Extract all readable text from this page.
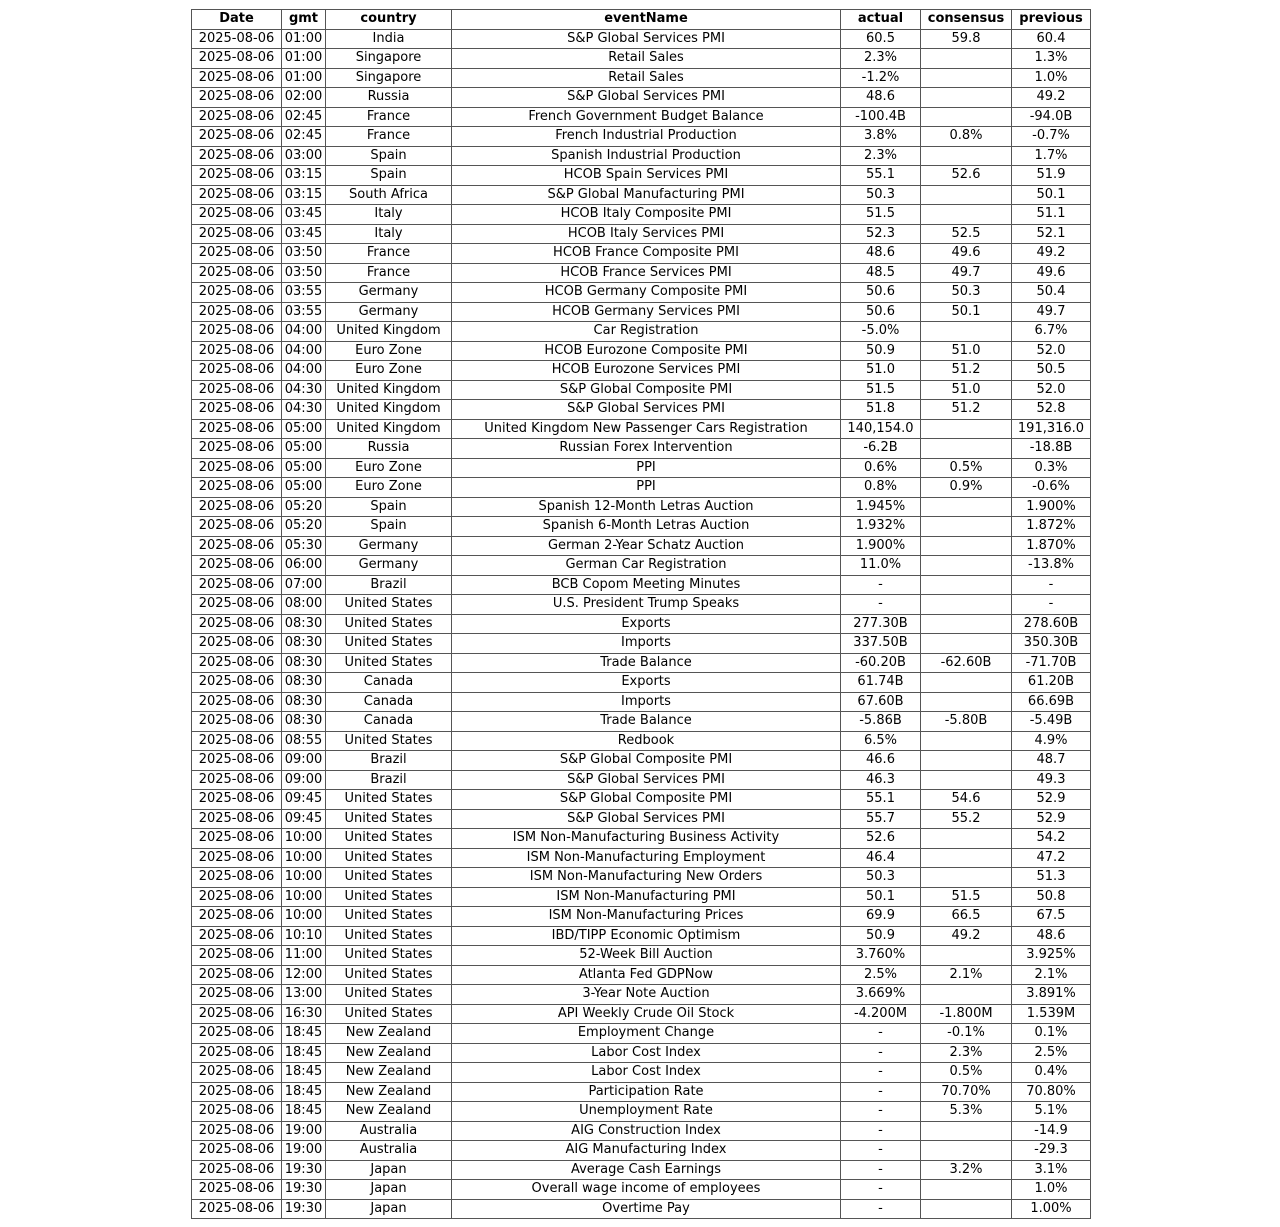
Date	gmt	country	eventName	actual	consensus	previous
2025-08-06	01:00	India	S&P Global Services PMI	60.5	59.8	60.4
2025-08-06	01:00	Singapore	Retail Sales	2.3%		1.3%
2025-08-06	01:00	Singapore	Retail Sales	-1.2%		1.0%
2025-08-06	02:00	Russia	S&P Global Services PMI	48.6		49.2
2025-08-06	02:45	France	French Government Budget Balance	-100.4B		-94.0B
2025-08-06	02:45	France	French Industrial Production	3.8%	0.8%	-0.7%
2025-08-06	03:00	Spain	Spanish Industrial Production	2.3%		1.7%
2025-08-06	03:15	Spain	HCOB Spain Services PMI	55.1	52.6	51.9
2025-08-06	03:15	South Africa	S&P Global Manufacturing PMI	50.3		50.1
2025-08-06	03:45	Italy	HCOB Italy Composite PMI	51.5		51.1
2025-08-06	03:45	Italy	HCOB Italy Services PMI	52.3	52.5	52.1
2025-08-06	03:50	France	HCOB France Composite PMI	48.6	49.6	49.2
2025-08-06	03:50	France	HCOB France Services PMI	48.5	49.7	49.6
2025-08-06	03:55	Germany	HCOB Germany Composite PMI	50.6	50.3	50.4
2025-08-06	03:55	Germany	HCOB Germany Services PMI	50.6	50.1	49.7
2025-08-06	04:00	United Kingdom	Car Registration	-5.0%		6.7%
2025-08-06	04:00	Euro Zone	HCOB Eurozone Composite PMI	50.9	51.0	52.0
2025-08-06	04:00	Euro Zone	HCOB Eurozone Services PMI	51.0	51.2	50.5
2025-08-06	04:30	United Kingdom	S&P Global Composite PMI	51.5	51.0	52.0
2025-08-06	04:30	United Kingdom	S&P Global Services PMI	51.8	51.2	52.8
2025-08-06	05:00	United Kingdom	United Kingdom New Passenger Cars Registration	140,154.0		191,316.0
2025-08-06	05:00	Russia	Russian Forex Intervention	-6.2B		-18.8B
2025-08-06	05:00	Euro Zone	PPI	0.6%	0.5%	0.3%
2025-08-06	05:00	Euro Zone	PPI	0.8%	0.9%	-0.6%
2025-08-06	05:20	Spain	Spanish 12-Month Letras Auction	1.945%		1.900%
2025-08-06	05:20	Spain	Spanish 6-Month Letras Auction	1.932%		1.872%
2025-08-06	05:30	Germany	German 2-Year Schatz Auction	1.900%		1.870%
2025-08-06	06:00	Germany	German Car Registration	11.0%		-13.8%
2025-08-06	07:00	Brazil	BCB Copom Meeting Minutes	-		-
2025-08-06	08:00	United States	U.S. President Trump Speaks	-		-
2025-08-06	08:30	United States	Exports	277.30B		278.60B
2025-08-06	08:30	United States	Imports	337.50B		350.30B
2025-08-06	08:30	United States	Trade Balance	-60.20B	-62.60B	-71.70B
2025-08-06	08:30	Canada	Exports	61.74B		61.20B
2025-08-06	08:30	Canada	Imports	67.60B		66.69B
2025-08-06	08:30	Canada	Trade Balance	-5.86B	-5.80B	-5.49B
2025-08-06	08:55	United States	Redbook	6.5%		4.9%
2025-08-06	09:00	Brazil	S&P Global Composite PMI	46.6		48.7
2025-08-06	09:00	Brazil	S&P Global Services PMI	46.3		49.3
2025-08-06	09:45	United States	S&P Global Composite PMI	55.1	54.6	52.9
2025-08-06	09:45	United States	S&P Global Services PMI	55.7	55.2	52.9
2025-08-06	10:00	United States	ISM Non-Manufacturing Business Activity	52.6		54.2
2025-08-06	10:00	United States	ISM Non-Manufacturing Employment	46.4		47.2
2025-08-06	10:00	United States	ISM Non-Manufacturing New Orders	50.3		51.3
2025-08-06	10:00	United States	ISM Non-Manufacturing PMI	50.1	51.5	50.8
2025-08-06	10:00	United States	ISM Non-Manufacturing Prices	69.9	66.5	67.5
2025-08-06	10:10	United States	IBD/TIPP Economic Optimism	50.9	49.2	48.6
2025-08-06	11:00	United States	52-Week Bill Auction	3.760%		3.925%
2025-08-06	12:00	United States	Atlanta Fed GDPNow	2.5%	2.1%	2.1%
2025-08-06	13:00	United States	3-Year Note Auction	3.669%		3.891%
2025-08-06	16:30	United States	API Weekly Crude Oil Stock	-4.200M	-1.800M	1.539M
2025-08-06	18:45	New Zealand	Employment Change	-	-0.1%	0.1%
2025-08-06	18:45	New Zealand	Labor Cost Index	-	2.3%	2.5%
2025-08-06	18:45	New Zealand	Labor Cost Index	-	0.5%	0.4%
2025-08-06	18:45	New Zealand	Participation Rate	-	70.70%	70.80%
2025-08-06	18:45	New Zealand	Unemployment Rate	-	5.3%	5.1%
2025-08-06	19:00	Australia	AIG Construction Index	-		-14.9
2025-08-06	19:00	Australia	AIG Manufacturing Index	-		-29.3
2025-08-06	19:30	Japan	Average Cash Earnings	-	3.2%	3.1%
2025-08-06	19:30	Japan	Overall wage income of employees	-		1.0%
2025-08-06	19:30	Japan	Overtime Pay	-		1.00%
